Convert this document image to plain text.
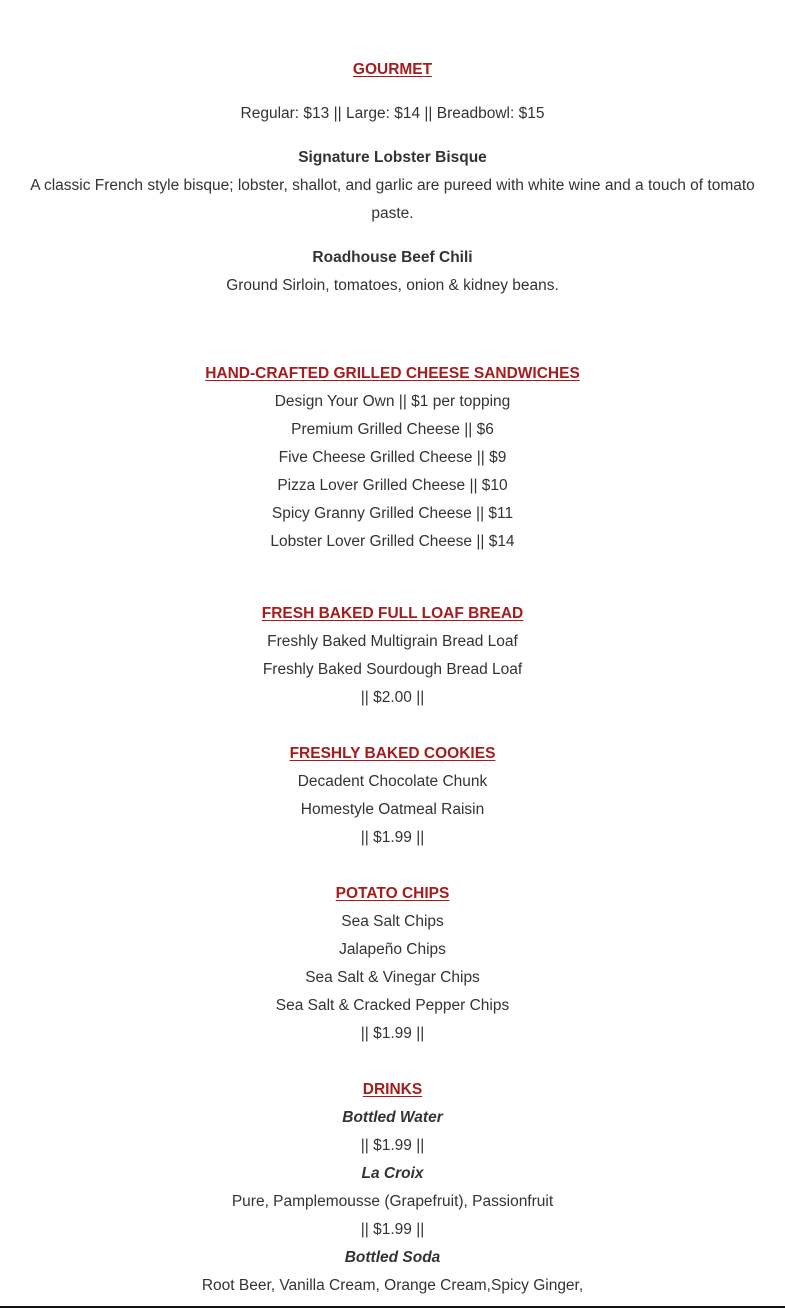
GOURMET
Regular: $13 || Large: $14 || Breadbowl: $15
Signature Lobster Bisque
A classic French style bisque; lobster, shallot, and garlic are pureed with white wine and a touch of tomato paste.
Roadhouse Beef Chili
Ground Sirloin, tomatoes, onion & kidney beans.
HAND-CRAFTED GRILLED CHEESE SANDWICHES
Design Your Own || $1 per topping
Premium Grilled Cheese || $6
Five Cheese Grilled Cheese || $9
Pizza Lover Grilled Cheese || $10
Spicy Granny Grilled Cheese || $11
Lobster Lover Grilled Cheese || $14
FRESH BAKED FULL LOAF BREAD
Freshly Baked Multigrain Bread Loaf
Freshly Baked Sourdough Bread Loaf
|| $2.00 ||
FRESHLY BAKED COOKIES
Decadent Chocolate Chunk
Homestyle Oatmeal Raisin
|| $1.99 ||
POTATO CHIPS
Sea Salt Chips
Jalapeño Chips
Sea Salt & Vinegar Chips
Sea Salt & Cracked Pepper Chips
|| $1.99 ||
DRINKS
Bottled Water
|| $1.99 ||
La Croix
Pure, Pamplemousse (Grapefruit), Passionfruit
|| $1.99 ||
Bottled Soda
Root Beer, Vanilla Cream, Orange Cream,Spicy Ginger,
